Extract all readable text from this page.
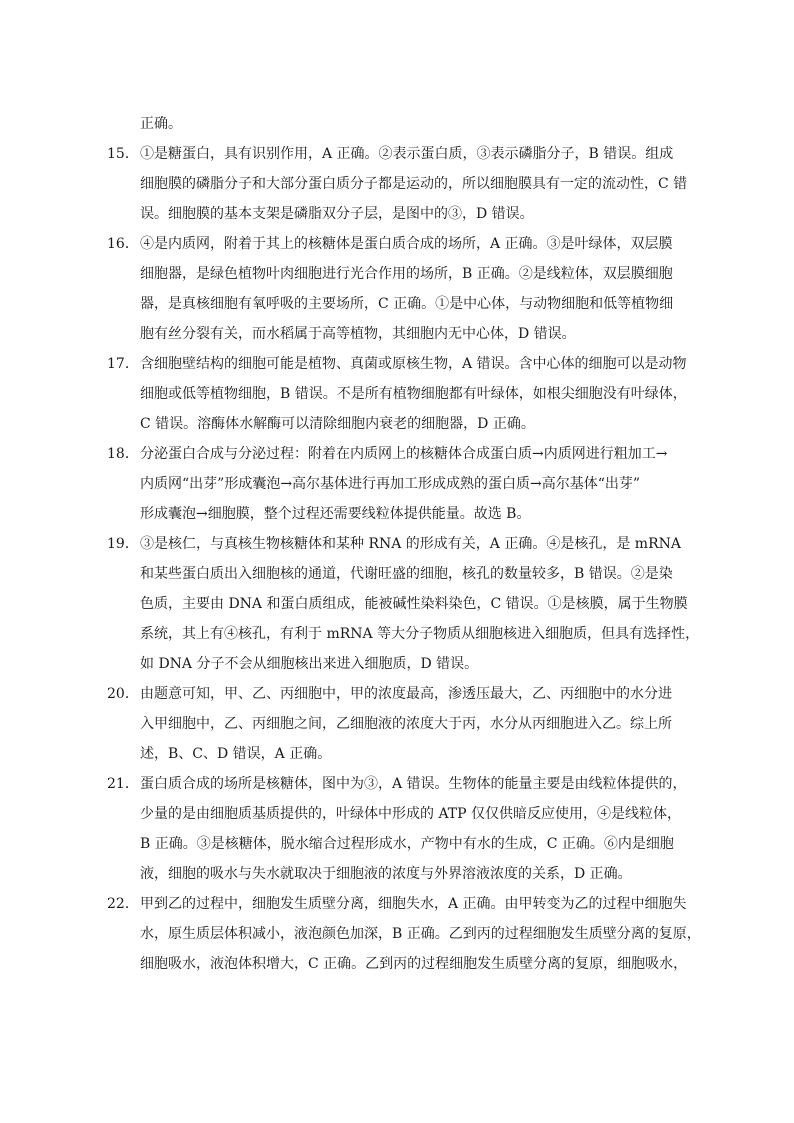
正确。
15． ①是糖蛋白，具有识别作用，A 正确。②表示蛋白质，③表示磷脂分子，B 错误。组成
细胞膜的磷脂分子和大部分蛋白质分子都是运动的，所以细胞膜具有一定的流动性，C 错
误。细胞膜的基本支架是磷脂双分子层，是图中的③，D 错误。
16． ④是内质网，附着于其上的核糖体是蛋白质合成的场所，A 正确。③是叶绿体，双层膜
细胞器，是绿色植物叶肉细胞进行光合作用的场所，B 正确。②是线粒体，双层膜细胞
器，是真核细胞有氧呼吸的主要场所，C 正确。①是中心体，与动物细胞和低等植物细
胞有丝分裂有关，而水稻属于高等植物，其细胞内无中心体，D 错误。
17． 含细胞壁结构的细胞可能是植物、真菌或原核生物，A 错误。含中心体的细胞可以是动物
细胞或低等植物细胞，B 错误。不是所有植物细胞都有叶绿体，如根尖细胞没有叶绿体，
C 错误。溶酶体水解酶可以清除细胞内衰老的细胞器，D 正确。
18． 分泌蛋白合成与分泌过程：附着在内质网上的核糖体合成蛋白质→内质网进行粗加工→
内质网“出芽”形成囊泡→高尔基体进行再加工形成成熟的蛋白质→高尔基体“出芽”
形成囊泡→细胞膜，整个过程还需要线粒体提供能量。故选 B。
19． ③是核仁，与真核生物核糖体和某种 RNA 的形成有关，A 正确。④是核孔，是 mRNA
和某些蛋白质出入细胞核的通道，代谢旺盛的细胞，核孔的数量较多，B 错误。②是染
色质，主要由 DNA 和蛋白质组成，能被碱性染料染色，C 错误。①是核膜，属于生物膜
系统，其上有④核孔，有利于 mRNA 等大分子物质从细胞核进入细胞质，但具有选择性，
如 DNA 分子不会从细胞核出来进入细胞质，D 错误。
20． 由题意可知，甲、乙、丙细胞中，甲的浓度最高，渗透压最大，乙、丙细胞中的水分进
入甲细胞中，乙、丙细胞之间，乙细胞液的浓度大于丙，水分从丙细胞进入乙。综上所
述，B、C、D 错误，A 正确。
21． 蛋白质合成的场所是核糖体，图中为③，A 错误。生物体的能量主要是由线粒体提供的，
少量的是由细胞质基质提供的，叶绿体中形成的 ATP 仅仅供暗反应使用，④是线粒体，
B 正确。③是核糖体，脱水缩合过程形成水，产物中有水的生成，C 正确。⑥内是细胞
液，细胞的吸水与失水就取决于细胞液的浓度与外界溶液浓度的关系，D 正确。
22． 甲到乙的过程中，细胞发生质壁分离，细胞失水，A 正确。由甲转变为乙的过程中细胞失
水，原生质层体积减小，液泡颜色加深，B 正确。乙到丙的过程细胞发生质壁分离的复原，
细胞吸水，液泡体积增大，C 正确。乙到丙的过程细胞发生质壁分离的复原，细胞吸水，
